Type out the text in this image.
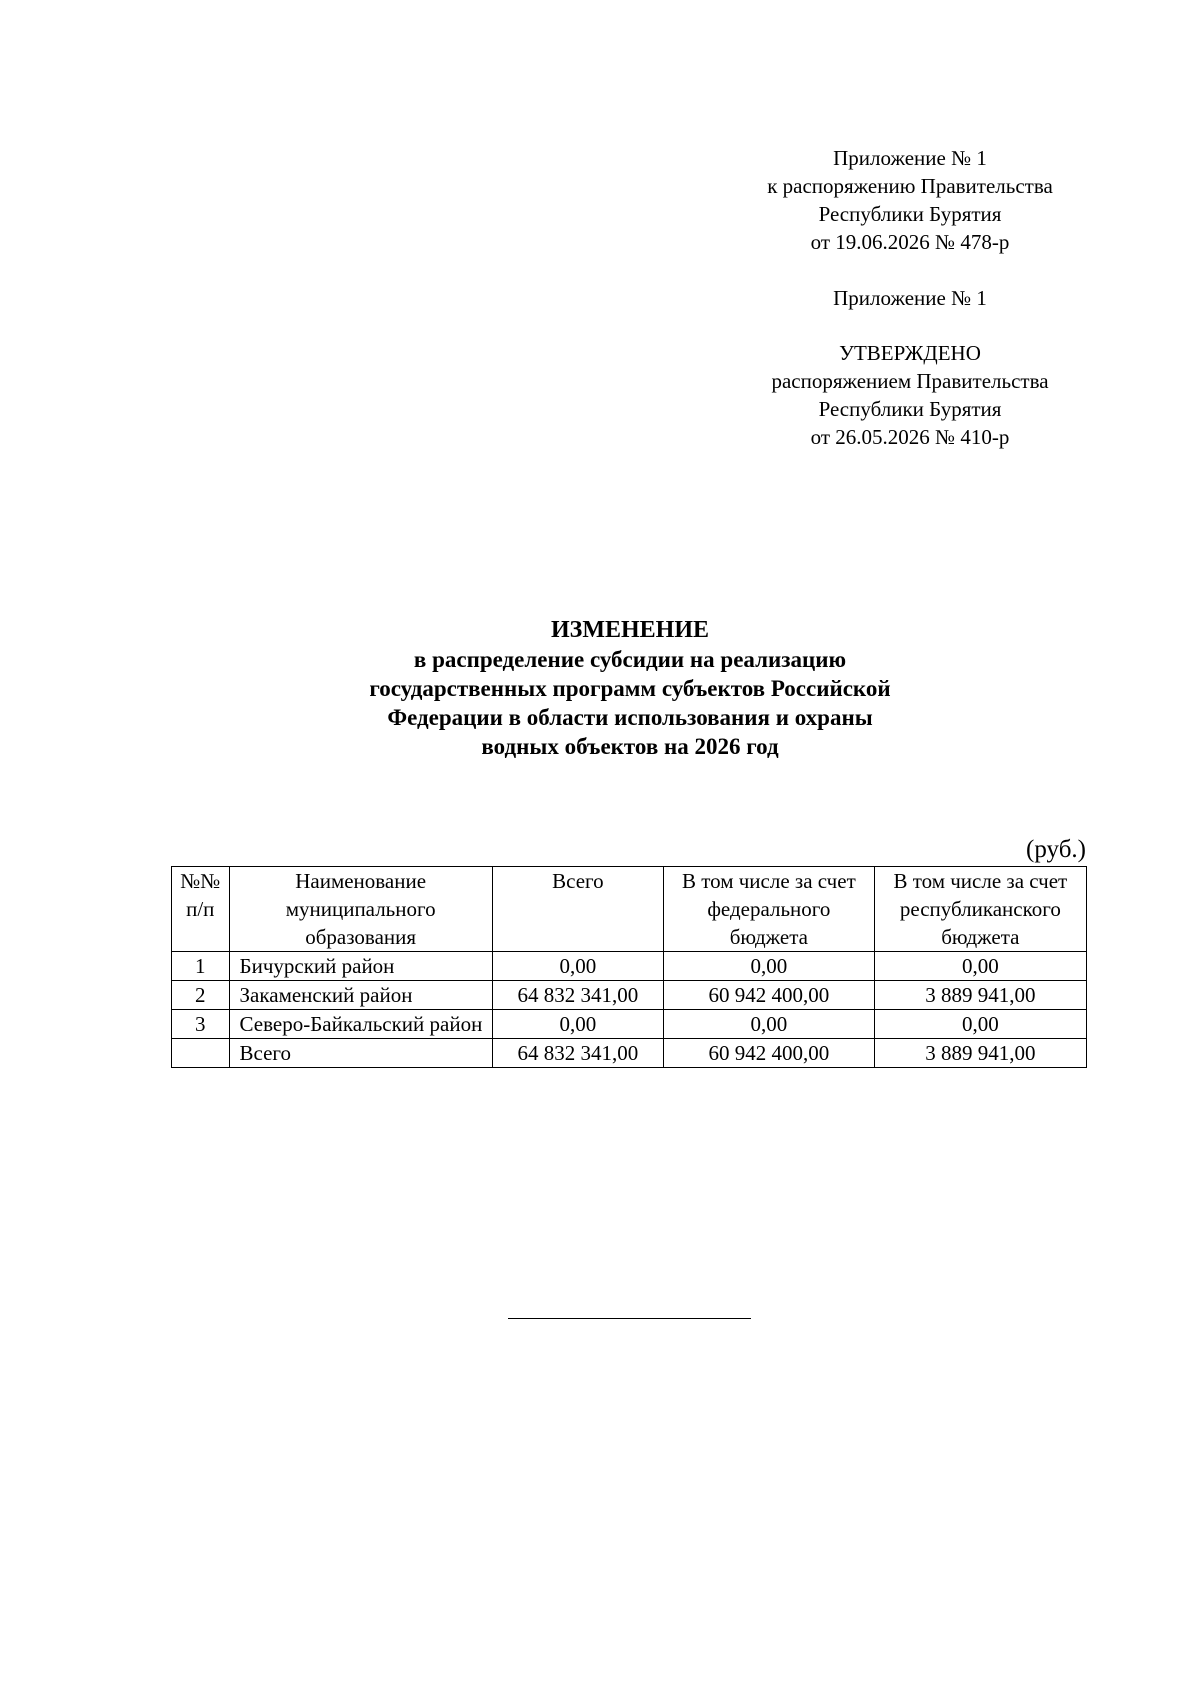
Приложение № 1
к распоряжению Правительства
Республики Бурятия
от 19.06.2026 № 478-р
Приложение № 1
УТВЕРЖДЕНО
распоряжением Правительства
Республики Бурятия
от 26.05.2026 № 410-р
ИЗМЕНЕНИЕ
в распределение субсидии на реализацию
государственных программ субъектов Российской
Федерации в области использования и охраны
водных объектов на 2026 год
(руб.)
№№ п/п	Наименование муниципального образования	Всего	В том числе за счет федерального бюджета	В том числе за счет республиканского бюджета
1	Бичурский район	0,00	0,00	0,00
2	Закаменский район	64 832 341,00	60 942 400,00	3 889 941,00
3	Северо-Байкальский район	0,00	0,00	0,00
	Всего	64 832 341,00	60 942 400,00	3 889 941,00
